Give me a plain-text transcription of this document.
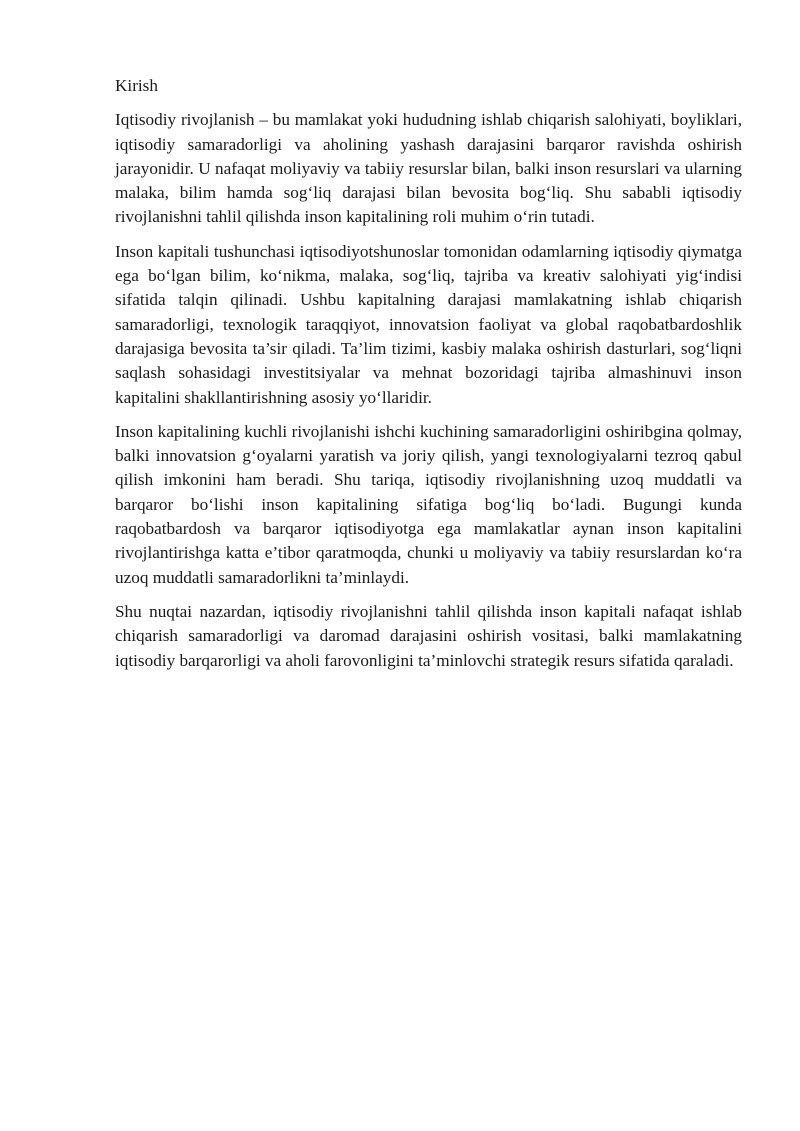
Kirish

Iqtisodiy rivojlanish – bu mamlakat yoki hududning ishlab chiqarish salohiyati, boyliklari, iqtisodiy samaradorligi va aholining yashash darajasini barqaror ravishda oshirish jarayonidir. U nafaqat moliyaviy va tabiiy resurslar bilan, balki inson resurslari va ularning malaka, bilim hamda sog‘liq darajasi bilan bevosita bog‘liq. Shu sababli iqtisodiy rivojlanishni tahlil qilishda inson kapitalining roli muhim o‘rin tutadi.

Inson kapitali tushunchasi iqtisodiyotshunoslar tomonidan odamlarning iqtisodiy qiymatga ega bo‘lgan bilim, ko‘nikma, malaka, sog‘liq, tajriba va kreativ salohiyati yig‘indisi sifatida talqin qilinadi. Ushbu kapitalning darajasi mamlakatning ishlab chiqarish samaradorligi, texnologik taraqqiyot, innovatsion faoliyat va global raqobatbardoshlik darajasiga bevosita ta’sir qiladi. Ta’lim tizimi, kasbiy malaka oshirish dasturlari, sog‘liqni saqlash sohasidagi investitsiyalar va mehnat bozoridagi tajriba almashinuvi inson kapitalini shakllantirishning asosiy yo‘llaridir.

Inson kapitalining kuchli rivojlanishi ishchi kuchining samaradorligini oshiribgina qolmay, balki innovatsion g‘oyalarni yaratish va joriy qilish, yangi texnologiyalarni tezroq qabul qilish imkonini ham beradi. Shu tariqa, iqtisodiy rivojlanishning uzoq muddatli va barqaror bo‘lishi inson kapitalining sifatiga bog‘liq bo‘ladi. Bugungi kunda raqobatbardosh va barqaror iqtisodiyotga ega mamlakatlar aynan inson kapitalini rivojlantirishga katta e’tibor qaratmoqda, chunki u moliyaviy va tabiiy resurslardan ko‘ra uzoq muddatli samaradorlikni ta’minlaydi.

Shu nuqtai nazardan, iqtisodiy rivojlanishni tahlil qilishda inson kapitali nafaqat ishlab chiqarish samaradorligi va daromad darajasini oshirish vositasi, balki mamlakatning iqtisodiy barqarorligi va aholi farovonligini ta’minlovchi strategik resurs sifatida qaraladi.
